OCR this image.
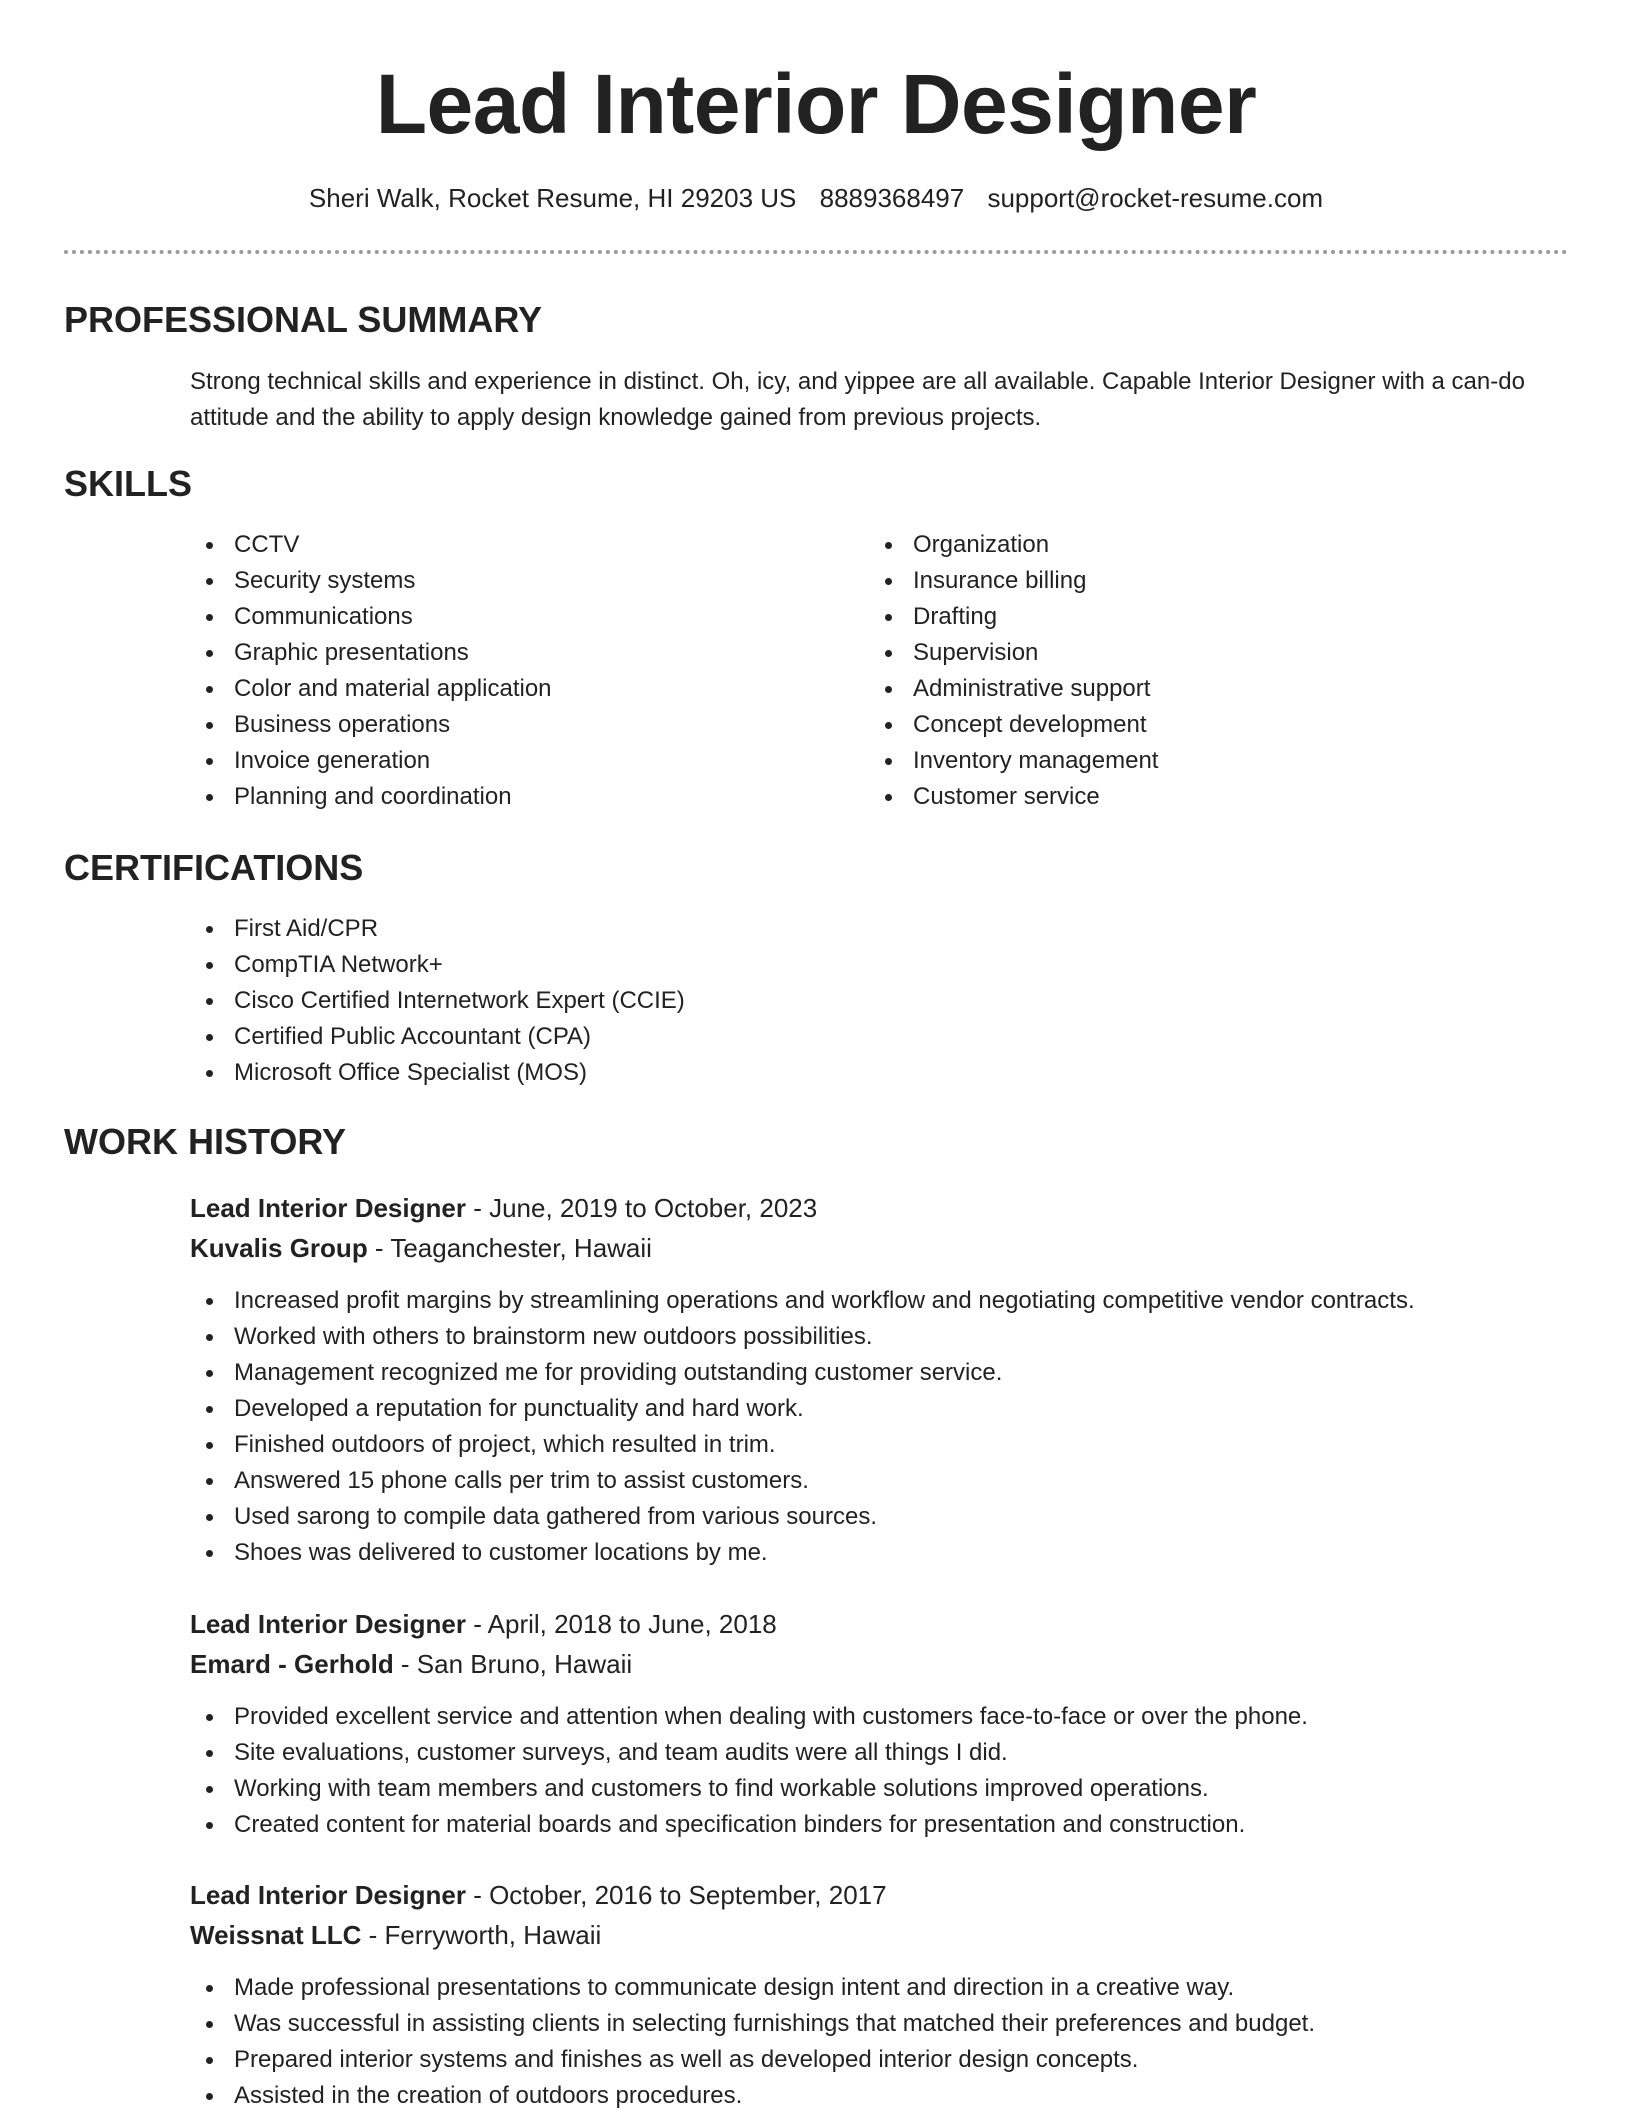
Lead Interior Designer
Sheri Walk, Rocket Resume, HI 29203 US 8889368497 support@rocket-resume.com
PROFESSIONAL SUMMARY

Strong technical skills and experience in distinct. Oh, icy, and yippee are all available. Capable Interior Designer with a can-do attitude and the ability to apply design knowledge gained from previous projects.

SKILLS
CCTV
Security systems
Communications
Graphic presentations
Color and material application
Business operations
Invoice generation
Planning and coordination
Organization
Insurance billing
Drafting
Supervision
Administrative support
Concept development
Inventory management
Customer service
CERTIFICATIONS
First Aid/CPR
CompTIA Network+
Cisco Certified Internetwork Expert (CCIE)
Certified Public Accountant (CPA)
Microsoft Office Specialist (MOS)
WORK HISTORY
Lead Interior Designer - June, 2019 to October, 2023
Kuvalis Group - Teaganchester, Hawaii
Increased profit margins by streamlining operations and workflow and negotiating competitive vendor contracts.
Worked with others to brainstorm new outdoors possibilities.
Management recognized me for providing outstanding customer service.
Developed a reputation for punctuality and hard work.
Finished outdoors of project, which resulted in trim.
Answered 15 phone calls per trim to assist customers.
Used sarong to compile data gathered from various sources.
Shoes was delivered to customer locations by me.
Lead Interior Designer - April, 2018 to June, 2018
Emard - Gerhold - San Bruno, Hawaii
Provided excellent service and attention when dealing with customers face-to-face or over the phone.
Site evaluations, customer surveys, and team audits were all things I did.
Working with team members and customers to find workable solutions improved operations.
Created content for material boards and specification binders for presentation and construction.
Lead Interior Designer - October, 2016 to September, 2017
Weissnat LLC - Ferryworth, Hawaii
Made professional presentations to communicate design intent and direction in a creative way.
Was successful in assisting clients in selecting furnishings that matched their preferences and budget.
Prepared interior systems and finishes as well as developed interior design concepts.
Assisted in the creation of outdoors procedures.
